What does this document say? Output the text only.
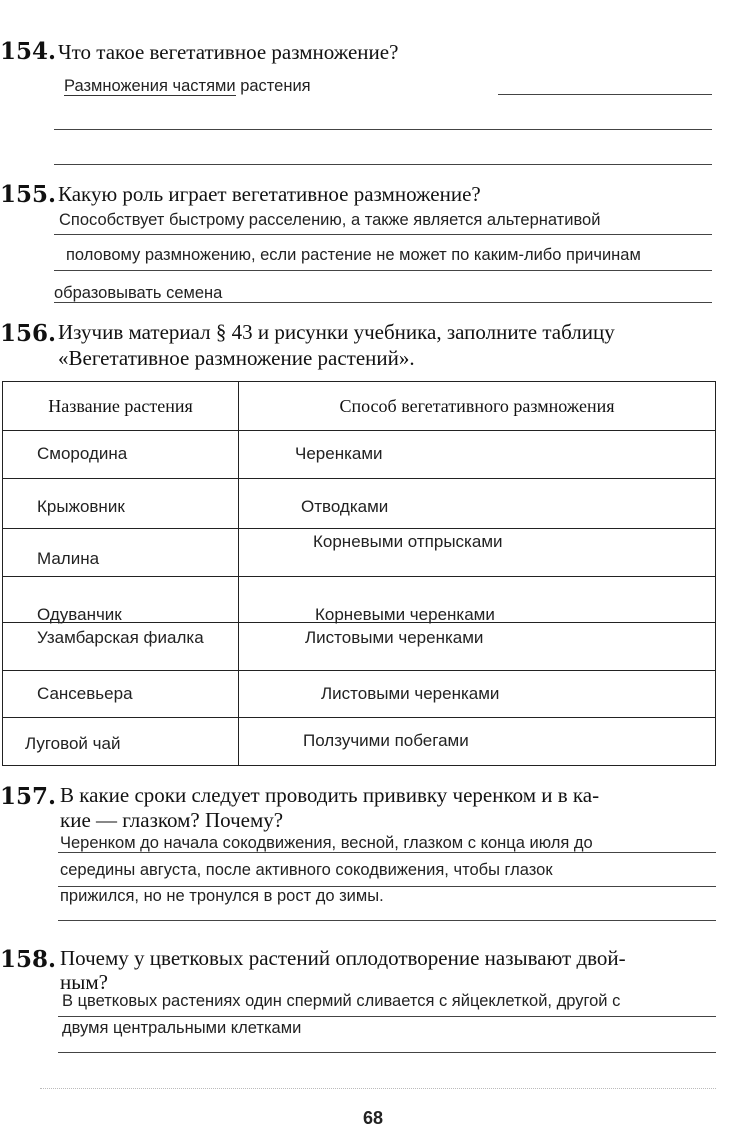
154. Что такое вегетативное размножение?
Размножения частями растения
155. Какую роль играет вегетативное размножение?
Способствует быстрому расселению, а также является альтернативой
половому размножению, если растение не может по каким-либо причинам
образовывать семена
156. Изучив материал § 43 и рисунки учебника, заполните таблицу
«Вегетативное размножение растений».
Название растения	Способ вегетативного размножения

Смородина	Черенками

Крыжовник	Отводками

Малина	Корневыми отпрысками

Одуванчик	Корневыми черенками

Узамбарская фиалка	Листовыми черенками

Сансевьера	Листовыми черенками

Луговой чай	Ползучими побегами
157. В какие сроки следует проводить прививку черенком и в ка-
кие — глазком? Почему?
Черенком до начала сокодвижения, весной, глазком с конца июля до
середины августа, после активного сокодвижения, чтобы глазок
прижился, но не тронулся в рост до зимы.
158. Почему у цветковых растений оплодотворение называют двой-
ным?
В цветковых растениях один спермий сливается с яйцеклеткой, другой с
двумя центральными клетками
68
